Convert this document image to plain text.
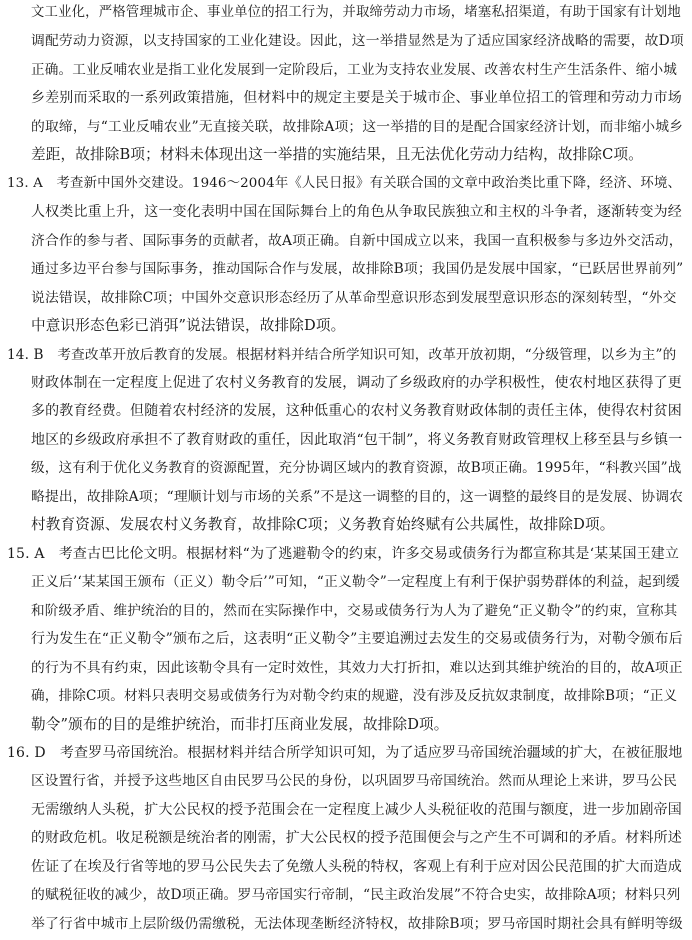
文工业化，严格管理城市企、事业单位的招工行为，并取缔劳动力市场，堵塞私招渠道，有助于国家有计划地
调配劳动力资源，以支持国家的工业化建设。因此，这一举措显然是为了适应国家经济战略的需要，故D项
正确。工业反哺农业是指工业化发展到一定阶段后，工业为支持农业发展、改善农村生产生活条件、缩小城
乡差别而采取的一系列政策措施，但材料中的规定主要是关于城市企、事业单位招工的管理和劳动力市场
的取缔，与“工业反哺农业”无直接关联，故排除A项；这一举措的目的是配合国家经济计划，而非缩小城乡
差距，故排除B项；材料未体现出这一举措的实施结果，且无法优化劳动力结构，故排除C项。
13. A　考查新中国外交建设。1946～2004年《人民日报》有关联合国的文章中政治类比重下降，经济、环境、
人权类比重上升，这一变化表明中国在国际舞台上的角色从争取民族独立和主权的斗争者，逐渐转变为经
济合作的参与者、国际事务的贡献者，故A项正确。自新中国成立以来，我国一直积极参与多边外交活动，
通过多边平台参与国际事务，推动国际合作与发展，故排除B项；我国仍是发展中国家，“已跃居世界前列”
说法错误，故排除C项；中国外交意识形态经历了从革命型意识形态到发展型意识形态的深刻转型，“外交
中意识形态色彩已消弭”说法错误，故排除D项。
14. B　考查改革开放后教育的发展。根据材料并结合所学知识可知，改革开放初期，“分级管理，以乡为主”的
财政体制在一定程度上促进了农村义务教育的发展，调动了乡级政府的办学积极性，使农村地区获得了更
多的教育经费。但随着农村经济的发展，这种低重心的农村义务教育财政体制的责任主体，使得农村贫困
地区的乡级政府承担不了教育财政的重任，因此取消“包干制”，将义务教育财政管理权上移至县与乡镇一
级，这有利于优化义务教育的资源配置，充分协调区域内的教育资源，故B项正确。1995年，“科教兴国”战
略提出，故排除A项；“理顺计划与市场的关系”不是这一调整的目的，这一调整的最终目的是发展、协调农
村教育资源、发展农村义务教育，故排除C项；义务教育始终赋有公共属性，故排除D项。
15. A　考查古巴比伦文明。根据材料“为了逃避勒令的约束，许多交易或债务行为都宣称其是‘某某国王建立
正义后’‘某某国王颁布（正义）勒令后’”可知，“正义勒令”一定程度上有利于保护弱势群体的利益，起到缓
和阶级矛盾、维护统治的目的，然而在实际操作中，交易或债务行为人为了避免“正义勒令”的约束，宣称其
行为发生在“正义勒令”颁布之后，这表明“正义勒令”主要追溯过去发生的交易或债务行为，对勒令颁布后
的行为不具有约束，因此该勒令具有一定时效性，其效力大打折扣，难以达到其维护统治的目的，故A项正
确，排除C项。材料只表明交易或债务行为对勒令约束的规避，没有涉及反抗奴隶制度，故排除B项；“正义
勒令”颁布的目的是维护统治，而非打压商业发展，故排除D项。
16. D　考查罗马帝国统治。根据材料并结合所学知识可知，为了适应罗马帝国统治疆域的扩大，在被征服地
区设置行省，并授予这些地区自由民罗马公民的身份，以巩固罗马帝国统治。然而从理论上来讲，罗马公民
无需缴纳人头税，扩大公民权的授予范围会在一定程度上减少人头税征收的范围与额度，进一步加剧帝国
的财政危机。收足税额是统治者的刚需，扩大公民权的授予范围便会与之产生不可调和的矛盾。材料所述
佐证了在埃及行省等地的罗马公民失去了免缴人头税的特权，客观上有利于应对因公民范围的扩大而造成
的赋税征收的减少，故D项正确。罗马帝国实行帝制，“民主政治发展”不符合史实，故排除A项；材料只列
举了行省中城市上层阶级仍需缴税，无法体现垄断经济特权，故排除B项；罗马帝国时期社会具有鲜明等级
